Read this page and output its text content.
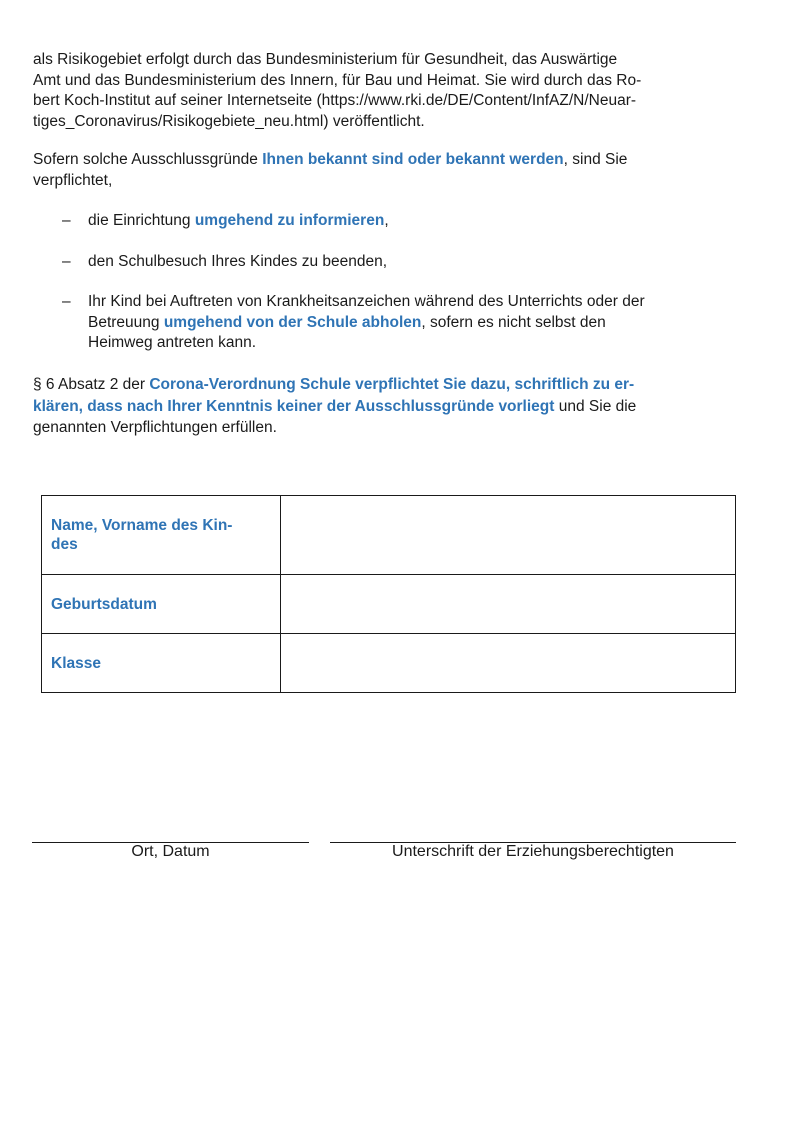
als Risikogebiet erfolgt durch das Bundesministerium für Gesundheit, das Auswärtige
Amt und das Bundesministerium des Innern, für Bau und Heimat. Sie wird durch das Ro-
bert Koch-Institut auf seiner Internetseite (https://www.rki.de/DE/Content/InfAZ/N/Neuar-
tiges_Coronavirus/Risikogebiete_neu.html) veröffentlicht.

Sofern solche Ausschlussgründe Ihnen bekannt sind oder bekannt werden, sind Sie
verpflichtet,

– die Einrichtung umgehend zu informieren,
– den Schulbesuch Ihres Kindes zu beenden,
– Ihr Kind bei Auftreten von Krankheitsanzeichen während des Unterrichts oder der
Betreuung umgehend von der Schule abholen, sofern es nicht selbst den
Heimweg antreten kann.

§ 6 Absatz 2 der Corona-Verordnung Schule verpflichtet Sie dazu, schriftlich zu er-
klären, dass nach Ihrer Kenntnis keiner der Ausschlussgründe vorliegt und Sie die
genannten Verpflichtungen erfüllen.

Name, Vorname des Kin-
des	
Geburtsdatum	
Klasse	
Ort, Datum	Unterschrift der Erziehungsberechtigten
